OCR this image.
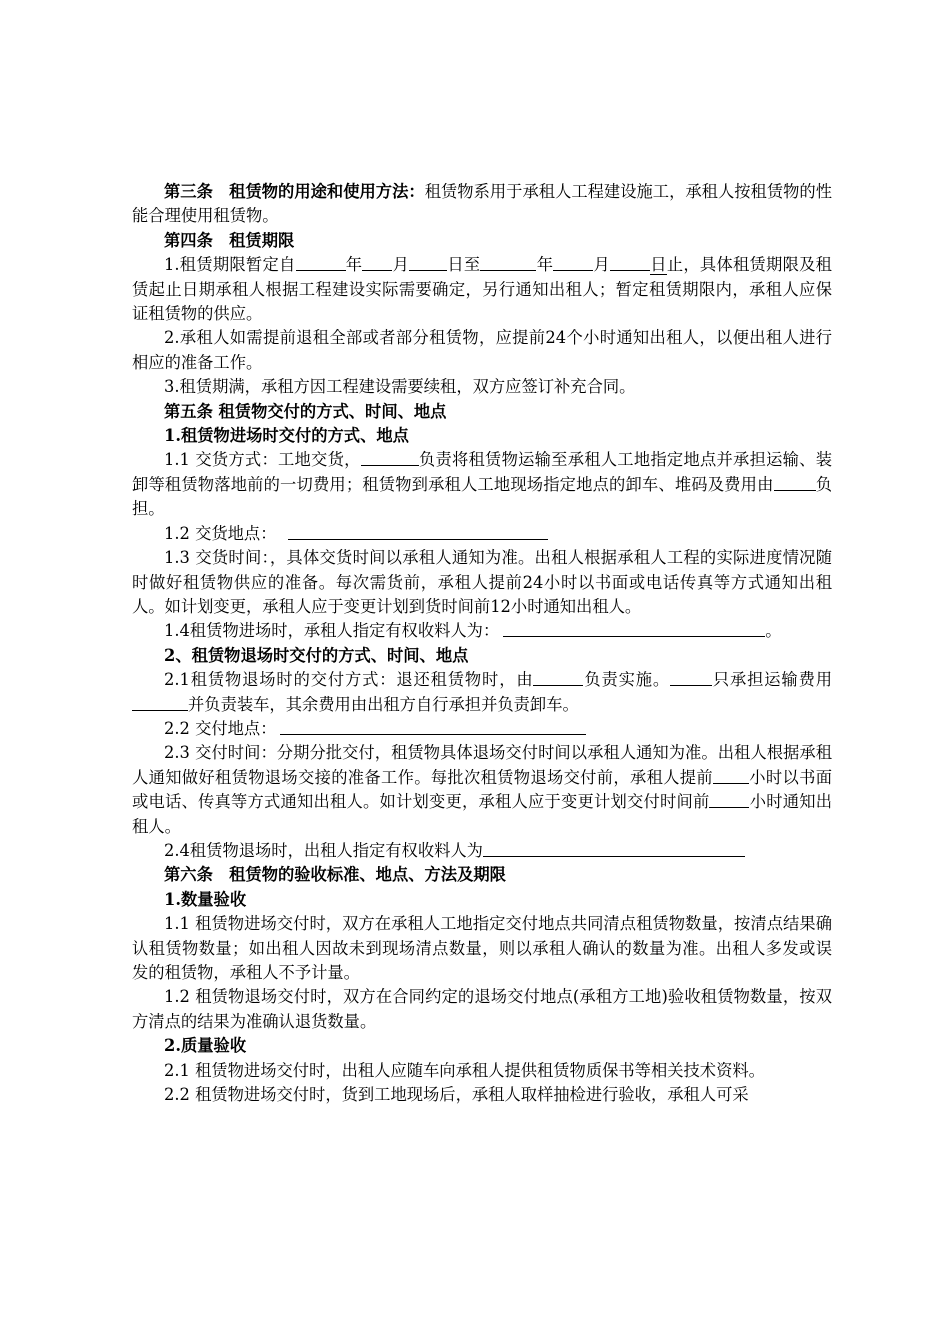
第三条　租赁物的用途和使用方法：租赁物系用于承租人工程建设施工，承租人按租赁物的性能合理使用租赁物。

第四条　租赁期限

1.租赁期限暂定自	年 月 日至	年 月 日止，具体租赁期限及租赁起止日期承租人根据工程建设实际需要确定，另行通知出租人；暂定租赁期限内，承租人应保证租赁物的供应。

2.承租人如需提前退租全部或者部分租赁物，应提前24个小时通知出租人，以便出租人进行相应的准备工作。

3.租赁期满，承租方因工程建设需要续租，双方应签订补充合同。

第五条 租赁物交付的方式、时间、地点

1.租赁物进场时交付的方式、地点

1.1 交货方式：工地交货，	负责将租赁物运输至承租人工地指定地点并承担运输、装卸等租赁物落地前的一切费用；租赁物到承租人工地现场指定地点的卸车、堆码及费用由	负担。

1.2 交货地点：

1.3 交货时间：，具体交货时间以承租人通知为准。出租人根据承租人工程的实际进度情况随时做好租赁物供应的准备。每次需货前，承租人提前24小时以书面或电话传真等方式通知出租人。如计划变更，承租人应于变更计划到货时间前12小时通知出租人。

1.4租赁物进场时，承租人指定有权收料人为：	。

2、租赁物退场时交付的方式、时间、地点

2.1租赁物退场时的交付方式：退还租赁物时，由	负责实施。	只承担运输费用并负责装车，其余费用由出租方自行承担并负责卸车。

2.2 交付地点：

2.3 交付时间：分期分批交付，租赁物具体退场交付时间以承租人通知为准。出租人根据承租人通知做好租赁物退场交接的准备工作。每批次租赁物退场交付前，承租人提前 小时以书面或电话、传真等方式通知出租人。如计划变更，承租人应于变更计划交付时间前 小时通知出租人。

2.4租赁物退场时，出租人指定有权收料人为

第六条　租赁物的验收标准、地点、方法及期限

1.数量验收

1.1 租赁物进场交付时，双方在承租人工地指定交付地点共同清点租赁物数量，按清点结果确认租赁物数量；如出租人因故未到现场清点数量，则以承租人确认的数量为准。出租人多发或误发的租赁物，承租人不予计量。

1.2 租赁物退场交付时，双方在合同约定的退场交付地点(承租方工地)验收租赁物数量，按双方清点的结果为准确认退货数量。

2.质量验收

2.1 租赁物进场交付时，出租人应随车向承租人提供租赁物质保书等相关技术资料。

2.2 租赁物进场交付时，货到工地现场后，承租人取样抽检进行验收，承租人可采
